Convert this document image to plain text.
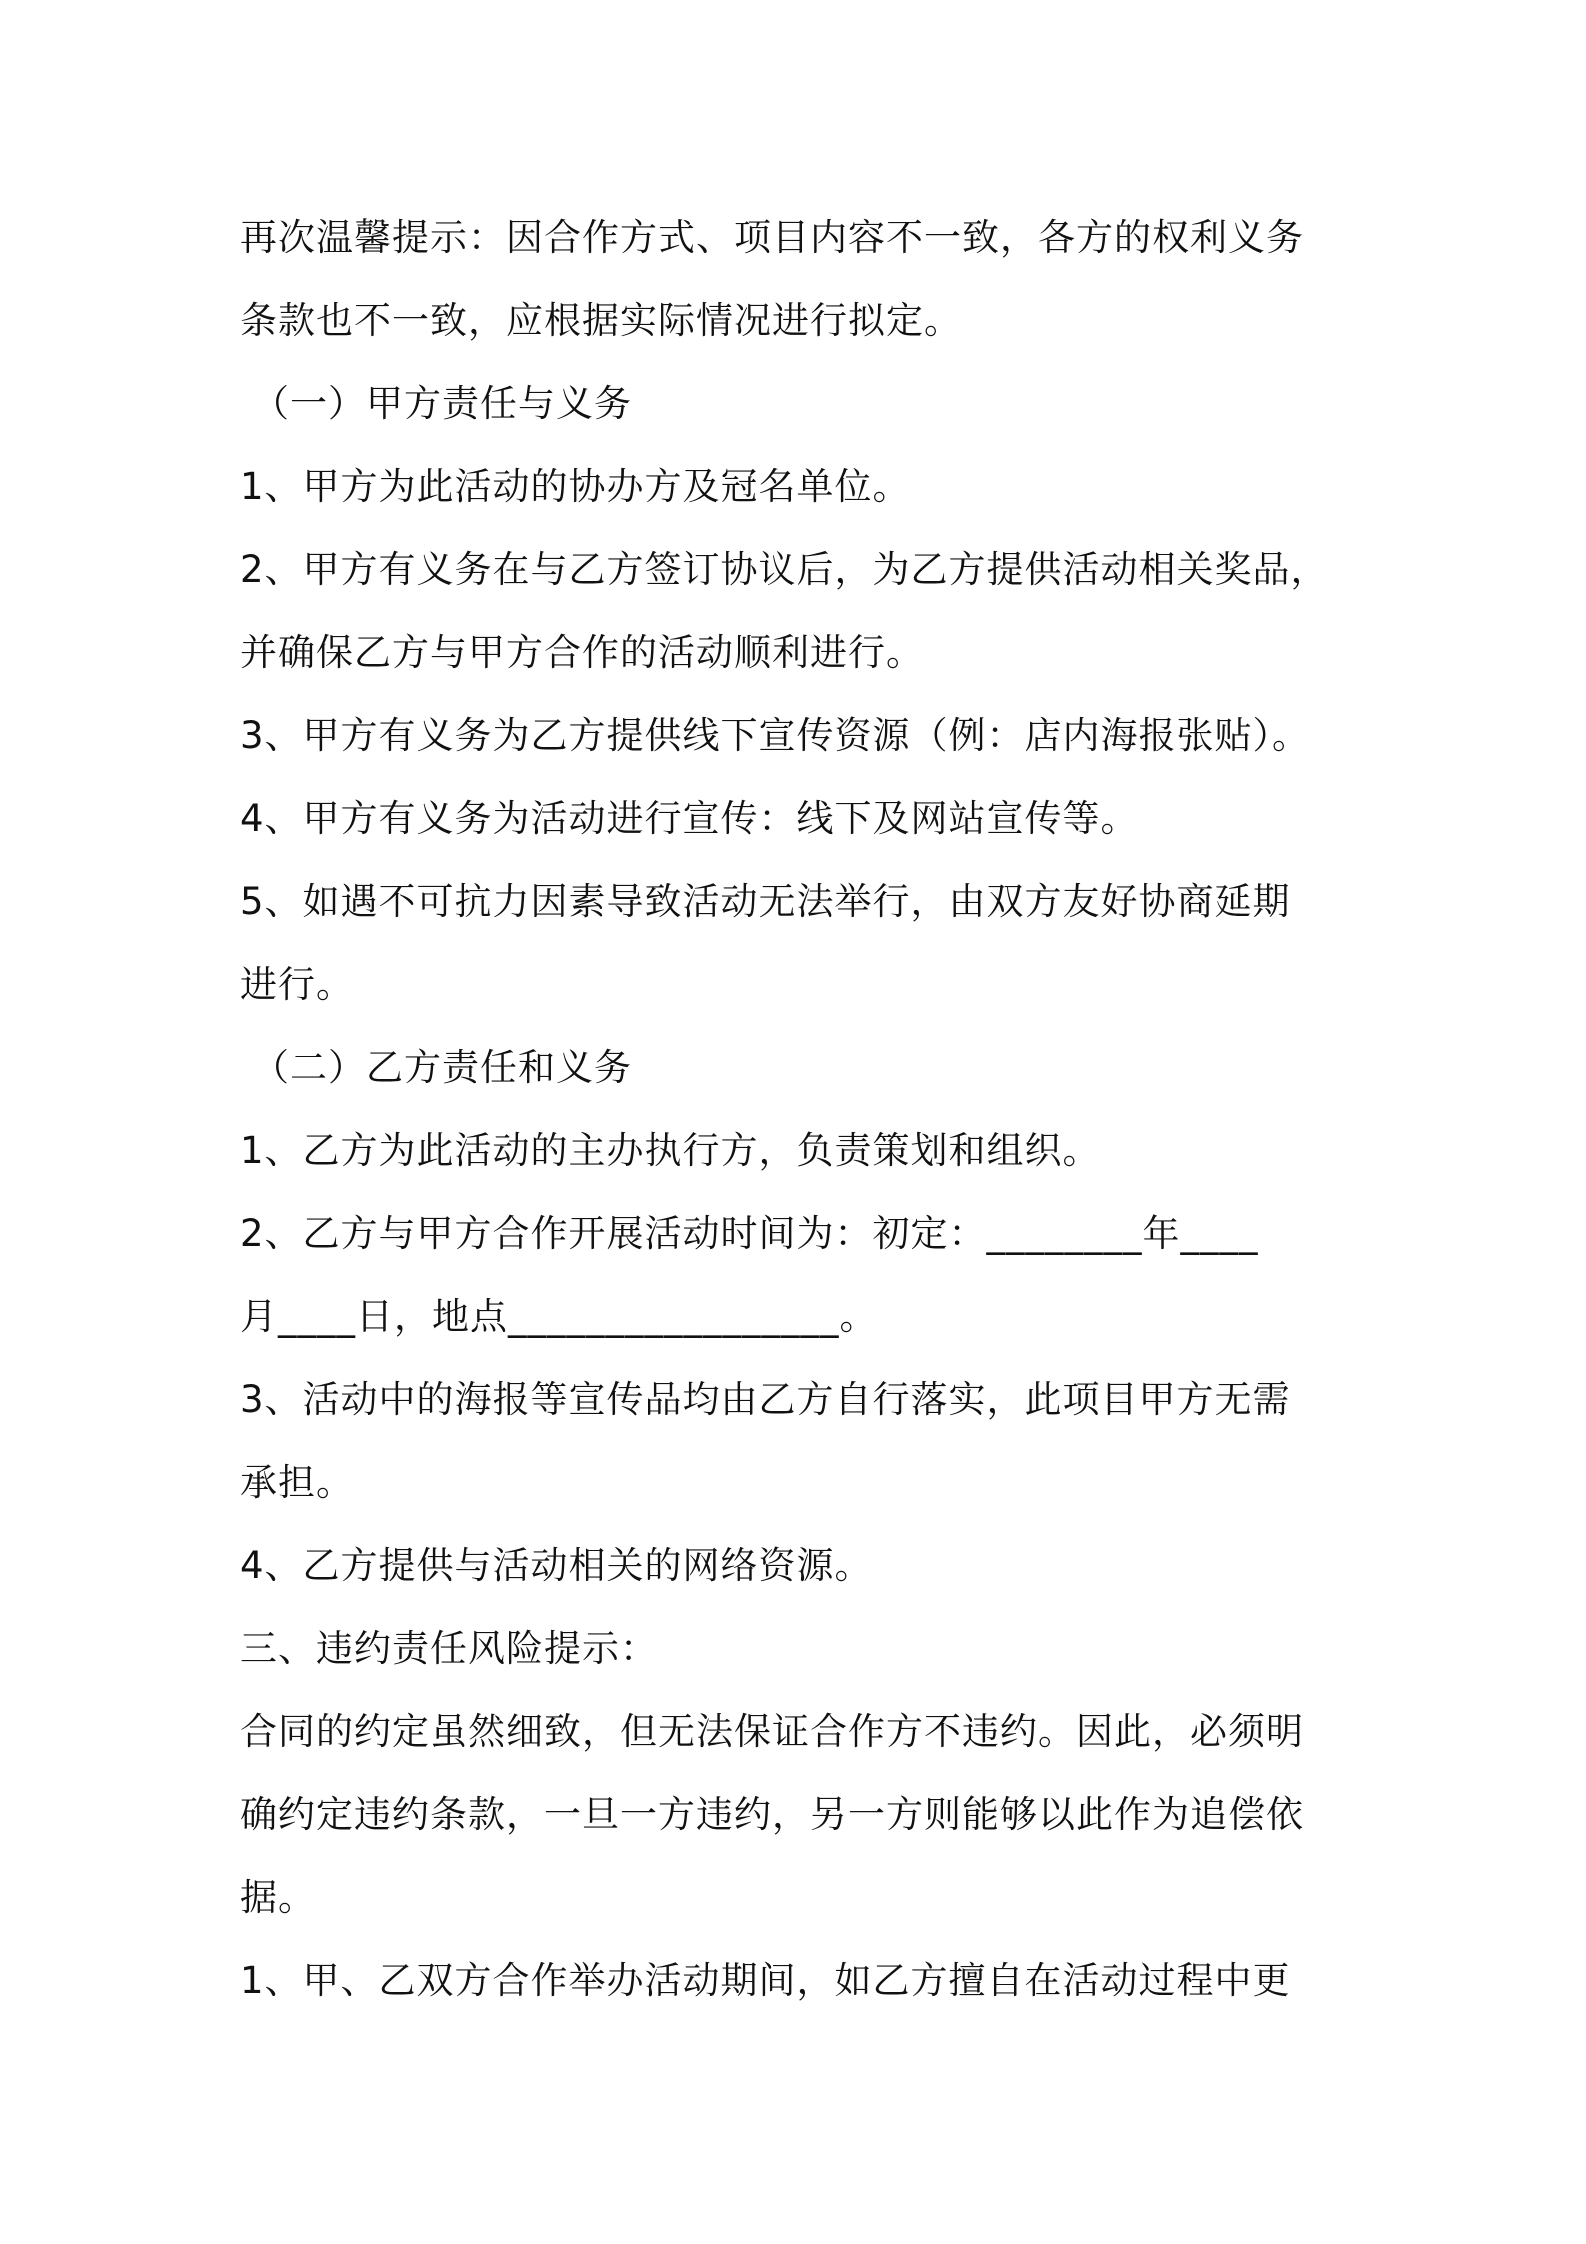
再次温馨提示：因合作方式、项目内容不一致，各方的权利义务
条款也不一致，应根据实际情况进行拟定。
（一）甲方责任与义务
1、甲方为此活动的协办方及冠名单位。
2、甲方有义务在与乙方签订协议后，为乙方提供活动相关奖品，
并确保乙方与甲方合作的活动顺利进行。
3、甲方有义务为乙方提供线下宣传资源（例：店内海报张贴）。
4、甲方有义务为活动进行宣传：线下及网站宣传等。
5、如遇不可抗力因素导致活动无法举行，由双方友好协商延期
进行。
（二）乙方责任和义务
1、乙方为此活动的主办执行方，负责策划和组织。
2、乙方与甲方合作开展活动时间为：初定：________年____
月____日，地点_________________。
3、活动中的海报等宣传品均由乙方自行落实，此项目甲方无需
承担。
4、乙方提供与活动相关的网络资源。
三、违约责任风险提示：
合同的约定虽然细致，但无法保证合作方不违约。因此，必须明
确约定违约条款，一旦一方违约，另一方则能够以此作为追偿依
据。
1、甲、乙双方合作举办活动期间，如乙方擅自在活动过程中更
